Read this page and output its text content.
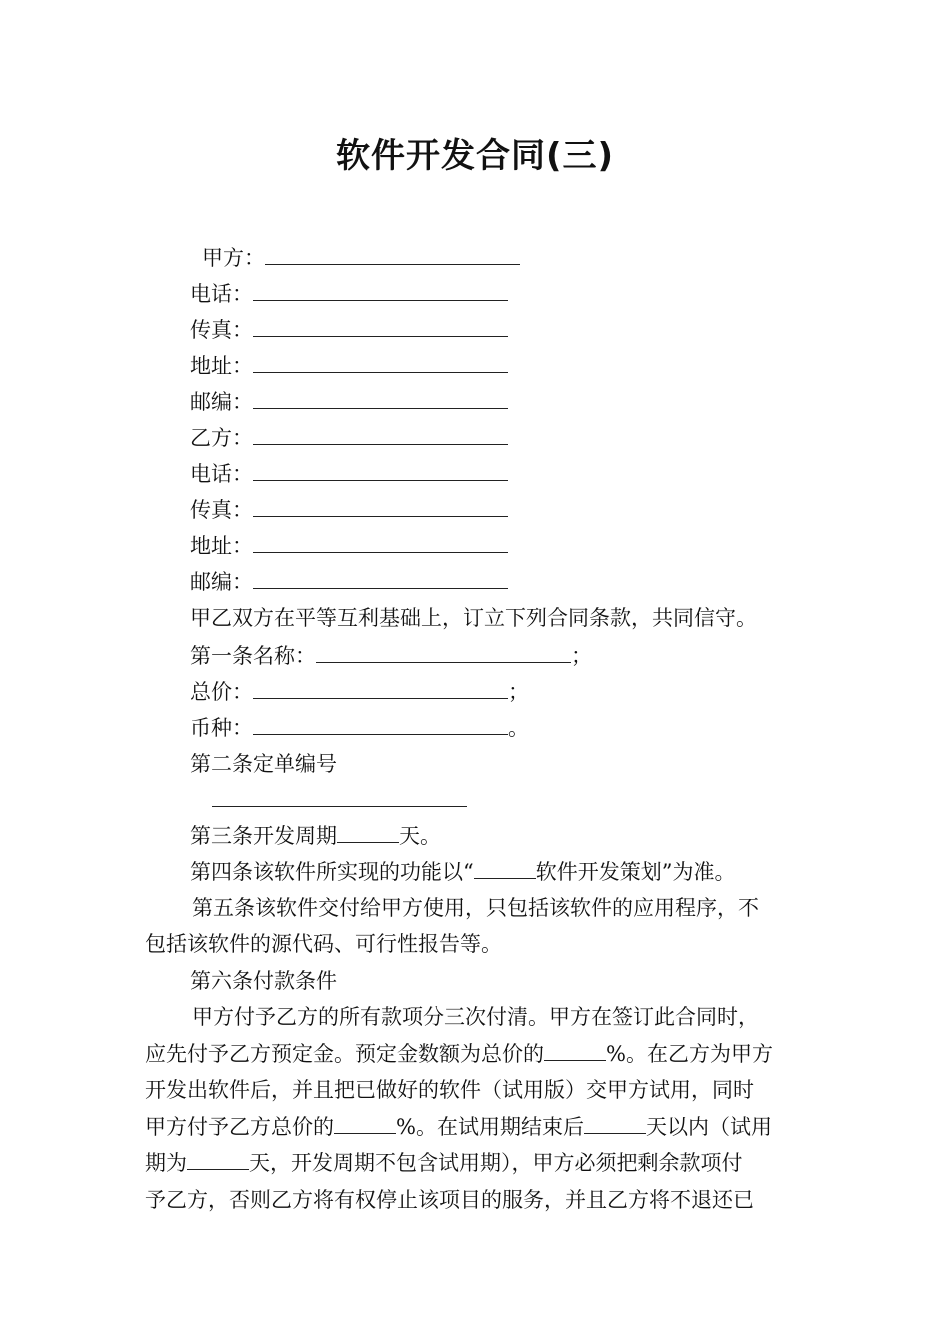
软件开发合同(三)
甲方：
电话：
传真：
地址：
邮编：
乙方：
电话：
传真：
地址：
邮编：
甲乙双方在平等互利基础上，订立下列合同条款，共同信守。
第一条名称：	；
总价：	；
币种：	。
第二条定单编号
第三条开发周期	天。
第四条该软件所实现的功能以“	软件开发策划”为准。
第五条该软件交付给甲方使用，只包括该软件的应用程序，不
包括该软件的源代码、可行性报告等。
第六条付款条件
甲方付予乙方的所有款项分三次付清。甲方在签订此合同时，
应先付予乙方预定金。预定金数额为总价的	%。在乙方为甲方
开发出软件后，并且把已做好的软件（试用版）交甲方试用，同时
甲方付予乙方总价的	%。在试用期结束后	天以内（试用
期为	天，开发周期不包含试用期），甲方必须把剩余款项付
予乙方，否则乙方将有权停止该项目的服务，并且乙方将不退还已
